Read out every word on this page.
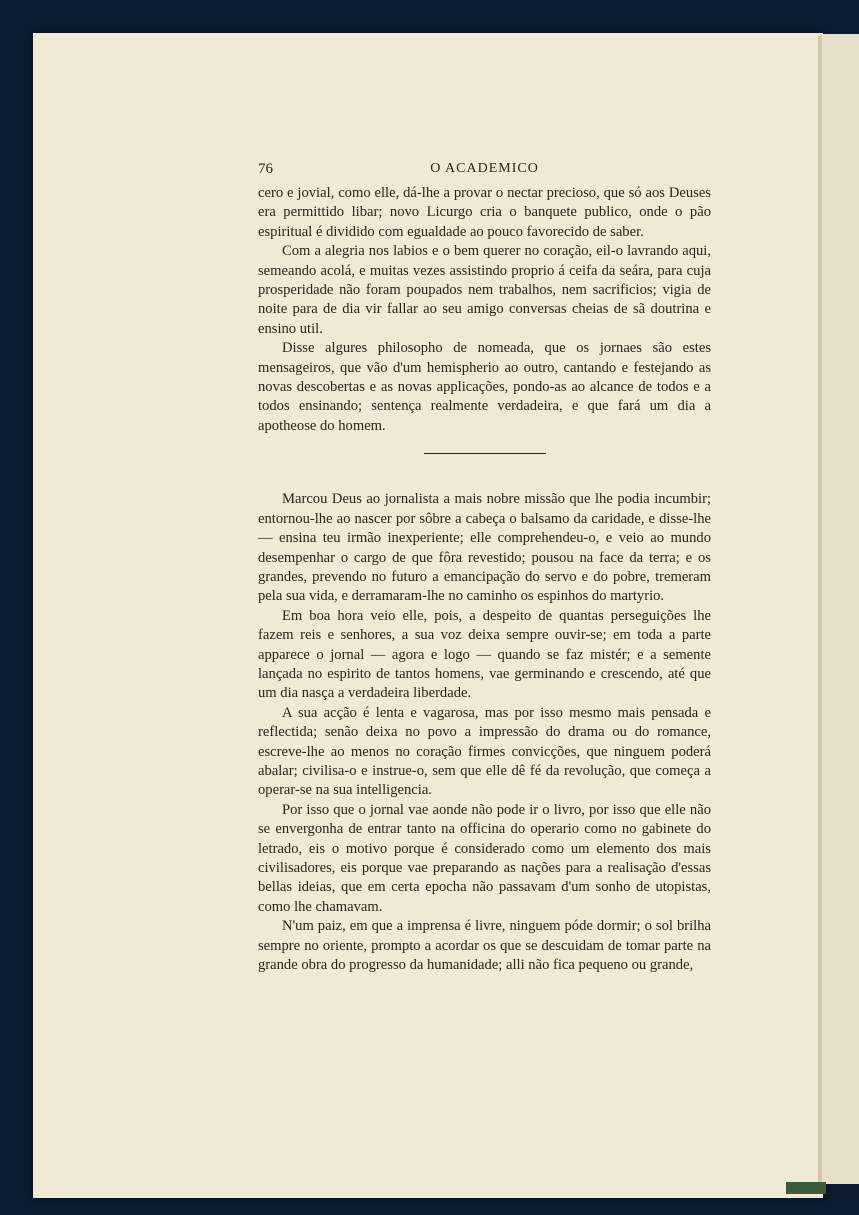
76	O ACADEMICO

cero e jovial, como elle, dá-lhe a provar o nectar precioso, que só aos Deuses era permittido libar; novo Licurgo cria o banquete publico, onde o pão espiritual é dividido com egualdade ao pouco favorecido de saber.

Com a alegria nos labios e o bem querer no coração, eil-o lavrando aqui, semeando acolá, e muitas vezes assistindo proprio á ceifa da seára, para cuja prosperidade não foram poupados nem trabalhos, nem sacrificios; vigia de noite para de dia vir fallar ao seu amigo conversas cheias de sã doutrina e ensino util.

Disse algures philosopho de nomeada, que os jornaes são estes mensageiros, que vão d'um hemispherio ao outro, cantando e festejando as novas descobertas e as novas applicações, pondo-as ao alcance de todos e a todos ensinando; sentença realmente verdadeira, e que fará um dia a apotheose do homem.

Marcou Deus ao jornalista a mais nobre missão que lhe podia incumbir; entornou-lhe ao nascer por sôbre a cabeça o balsamo da caridade, e disse-lhe— ensina teu irmão inexperiente; elle comprehendeu-o, e veio ao mundo desempenhar o cargo de que fôra revestido; pousou na face da terra; e os grandes, prevendo no futuro a emancipação do servo e do pobre, tremeram pela sua vida, e derramaram-lhe no caminho os espinhos do martyrio.

Em boa hora veio elle, pois, a despeito de quantas perseguições lhe fazem reis e senhores, a sua voz deixa sempre ouvir-se; em toda a parte apparece o jornal — agora e logo — quando se faz mistér; e a semente lançada no espirito de tantos homens, vae germinando e crescendo, até que um dia nasça a verdadeira liberdade.

A sua acção é lenta e vagarosa, mas por isso mesmo mais pensada e reflectida; senão deixa no povo a impressão do drama ou do romance, escreve-lhe ao menos no coração firmes convicções, que ninguem poderá abalar; civilisa-o e instrue-o, sem que elle dê fé da revolução, que começa a operar-se na sua intelligencia.

Por isso que o jornal vae aonde não pode ir o livro, por isso que elle não se envergonha de entrar tanto na officina do operario como no gabinete do letrado, eis o motivo porque é considerado como um elemento dos mais civilisadores, eis porque vae preparando as nações para a realisação d'essas bellas ideias, que em certa epocha não passavam d'um sonho de utopistas, como lhe chamavam.

N'um paiz, em que a imprensa é livre, ninguem póde dormir; o sol brilha sempre no oriente, prompto a acordar os que se descuidam de tomar parte na grande obra do progresso da humanidade; alli não fica pequeno ou grande,
